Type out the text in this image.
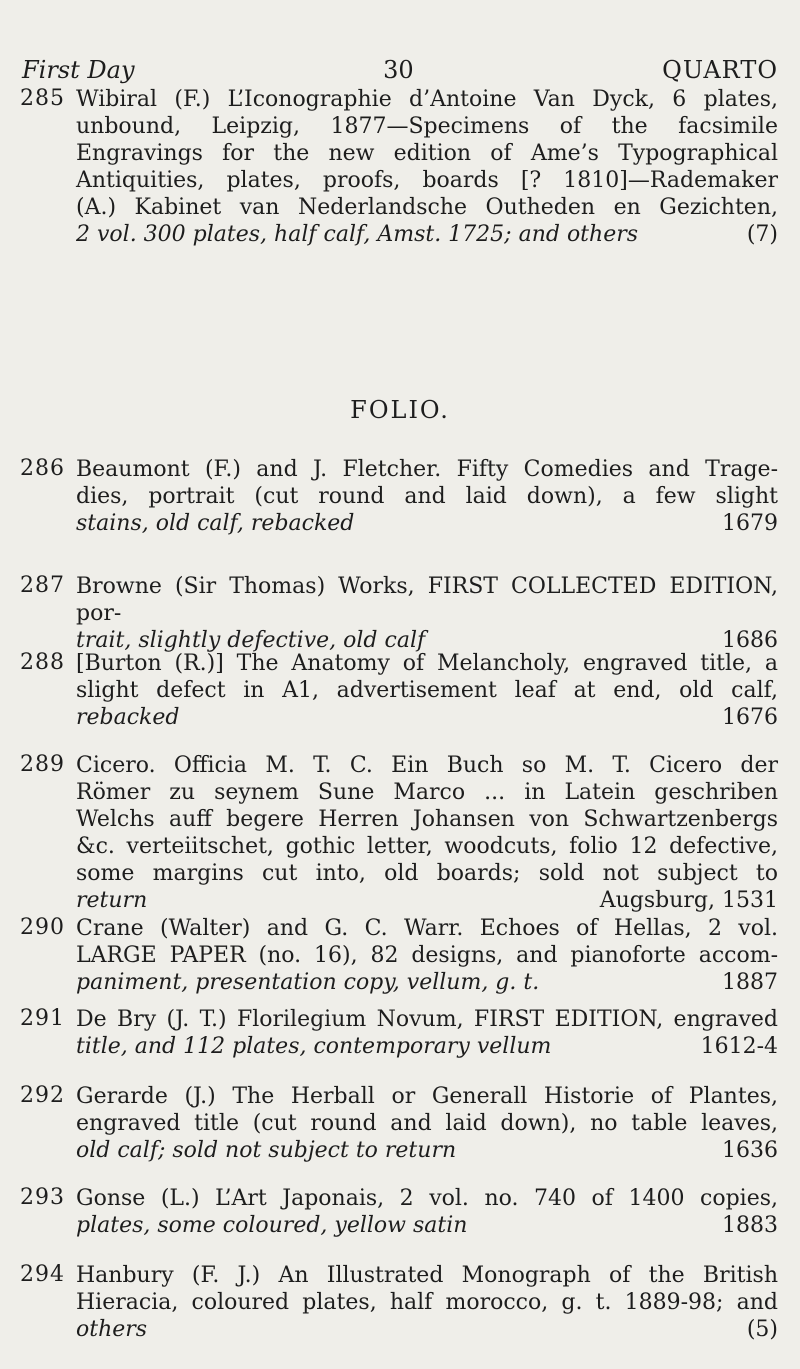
First Day	30	QUARTO
FOLIO.
285 Wibiral (F.) L’Iconographie d’Antoine Van Dyck, 6 plates,
unbound, Leipzig, 1877—Specimens of the facsimile
Engravings for the new edition of Ame’s Typographical
Antiquities, plates, proofs, boards [? 1810]—Rademaker
(A.) Kabinet van Nederlandsche Outheden en Gezichten,
2 vol. 300 plates, half calf, Amst. 1725; and others	(7)
286 Beaumont (F.) and J. Fletcher. Fifty Comedies and Trage-
dies, portrait (cut round and laid down), a few slight
stains, old calf, rebacked	1679
287 Browne (Sir Thomas) Works, FIRST COLLECTED EDITION, por-
trait, slightly defective, old calf	1686
288 [Burton (R.)] The Anatomy of Melancholy, engraved title, a
slight defect in A1, advertisement leaf at end, old calf,
rebacked	1676
289 Cicero. Officia M. T. C. Ein Buch so M. T. Cicero der
Römer zu seynem Sune Marco ... in Latein geschriben
Welchs auff begere Herren Johansen von Schwartzenbergs
&c. verteiitschet, gothic letter, woodcuts, folio 12 defective,
some margins cut into, old boards; sold not subject to
return	Augsburg, 1531
290 Crane (Walter) and G. C. Warr. Echoes of Hellas, 2 vol.
LARGE PAPER (no. 16), 82 designs, and pianoforte accom-
paniment, presentation copy, vellum, g. t.	1887
291 De Bry (J. T.) Florilegium Novum, FIRST EDITION, engraved
title, and 112 plates, contemporary vellum	1612-4
292 Gerarde (J.) The Herball or Generall Historie of Plantes,
engraved title (cut round and laid down), no table leaves,
old calf; sold not subject to return	1636
293 Gonse (L.) L’Art Japonais, 2 vol. no. 740 of 1400 copies,
plates, some coloured, yellow satin	1883
294 Hanbury (F. J.) An Illustrated Monograph of the British
Hieracia, coloured plates, half morocco, g. t. 1889-98; and
others	(5)
